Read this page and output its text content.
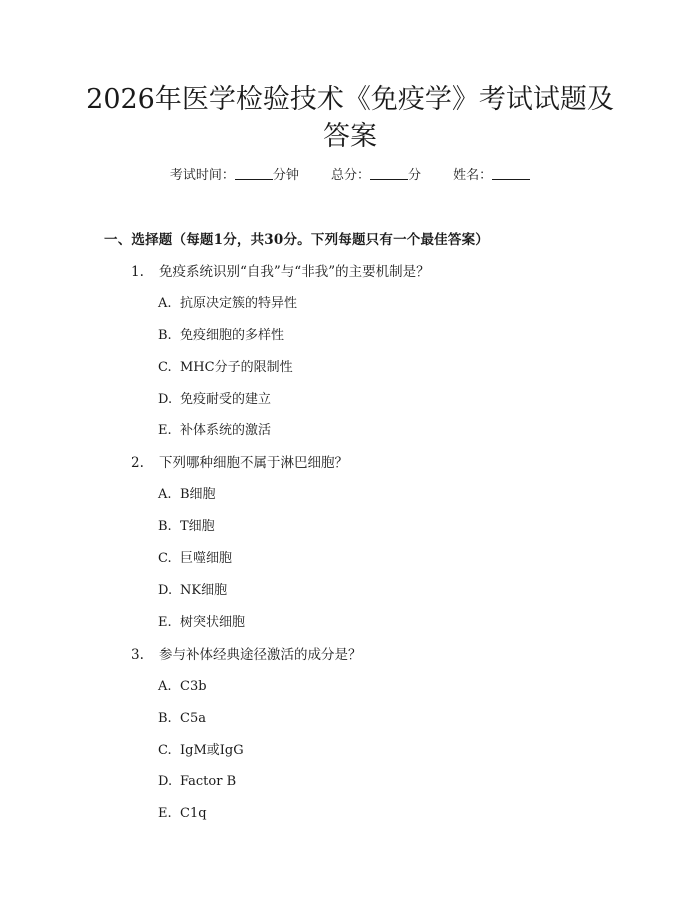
2026年医学检验技术《免疫学》考试试题及
答案
考试时间：	分钟 总分：	分 姓名：
一、选择题（每题1分，共30分。下列每题只有一个最佳答案）
1. 免疫系统识别“自我”与“非我”的主要机制是？
A. 抗原决定簇的特异性
B. 免疫细胞的多样性
C. MHC分子的限制性
D. 免疫耐受的建立
E. 补体系统的激活
2. 下列哪种细胞不属于淋巴细胞？
A. B细胞
B. T细胞
C. 巨噬细胞
D. NK细胞
E. 树突状细胞
3. 参与补体经典途径激活的成分是？
A. C3b
B. C5a
C. IgM或IgG
D. Factor B
E. C1q
